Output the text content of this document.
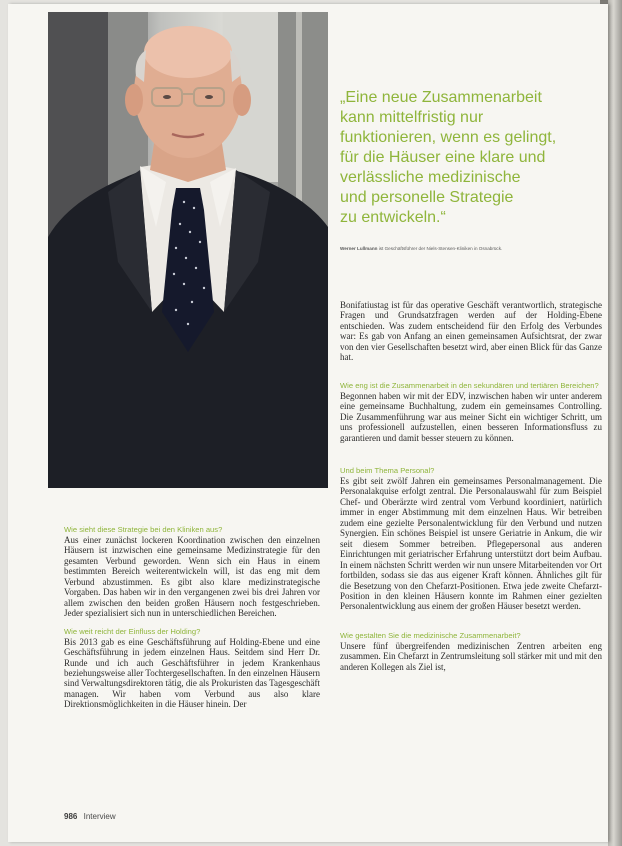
„Eine neue Zusammenarbeit
kann mittelfristig nur
funktionieren, wenn es gelingt,
für die Häuser eine klare und
verlässliche medizinische
und personelle Strategie
zu entwickeln.“
Werner Lullmann ist Geschäftsführer der Niels-Stensen-Kliniken in Osnabrück.
Wie sieht diese Strategie bei den Kliniken aus?

Aus einer zunächst lockeren Koordination zwischen den einzelnen Häusern ist inzwischen eine gemeinsame Medizinstrategie für den gesamten Verbund geworden. Wenn sich ein Haus in einem bestimmten Bereich weiterentwickeln will, ist das eng mit dem Verbund abzustimmen. Es gibt also klare medizinstrategische Vorgaben. Das haben wir in den vergangenen zwei bis drei Jahren vor allem zwischen den beiden großen Häusern noch festgeschrieben. Jeder spezialisiert sich nun in unterschiedlichen Bereichen.

Wie weit reicht der Einfluss der Holding?

Bis 2013 gab es eine Geschäftsführung auf Holding-Ebene und eine Geschäftsführung in jedem einzelnen Haus. Seitdem sind Herr Dr. Runde und ich auch Geschäftsführer in jedem Krankenhaus beziehungsweise aller Tochtergesellschaften. In den einzelnen Häusern sind Verwaltungsdirektoren tätig, die als Prokuristen das Tagesgeschäft managen. Wir haben vom Verbund aus also klare Direktionsmöglichkeiten in die Häuser hinein. Der

Bonifatiustag ist für das operative Geschäft verantwortlich, strategische Fragen und Grundsatzfragen werden auf der Holding-Ebene entschieden. Was zudem entscheidend für den Erfolg des Verbundes war: Es gab von Anfang an einen gemeinsamen Aufsichtsrat, der zwar von den vier Gesellschaften besetzt wird, aber einen Blick für das Ganze hat.

Wie eng ist die Zusammenarbeit in den sekundären und tertiären Bereichen?

Begonnen haben wir mit der EDV, inzwischen haben wir unter anderem eine gemeinsame Buchhaltung, zudem ein gemeinsames Controlling. Die Zusammenführung war aus meiner Sicht ein wichtiger Schritt, um uns professionell aufzustellen, einen besseren Informationsfluss zu garantieren und damit besser steuern zu können.

Und beim Thema Personal?

Es gibt seit zwölf Jahren ein gemeinsames Personalmanagement. Die Personalakquise erfolgt zentral. Die Personalauswahl für zum Beispiel Chef- und Oberärzte wird zentral vom Verbund koordiniert, natürlich immer in enger Abstimmung mit dem einzelnen Haus. Wir betreiben zudem eine gezielte Personalentwicklung für den Verbund und nutzen Synergien. Ein schönes Beispiel ist unsere Geriatrie in Ankum, die wir seit diesem Sommer betreiben. Pflegepersonal aus anderen Einrichtungen mit geriatrischer Erfahrung unterstützt dort beim Aufbau. In einem nächsten Schritt werden wir nun unsere Mitarbeitenden vor Ort fortbilden, sodass sie das aus eigener Kraft können. Ähnliches gilt für die Besetzung von den Chefarzt-Positionen. Etwa jede zweite Chefarzt-Position in den kleinen Häusern konnte im Rahmen einer gezielten Personalentwicklung aus einem der großen Häuser besetzt werden.

Wie gestalten Sie die medizinische Zusammenarbeit?

Unsere fünf übergreifenden medizinischen Zentren arbeiten eng zusammen. Ein Chefarzt in Zentrumsleitung soll stärker mit und mit den anderen Kollegen als Ziel ist,

986 Interview
